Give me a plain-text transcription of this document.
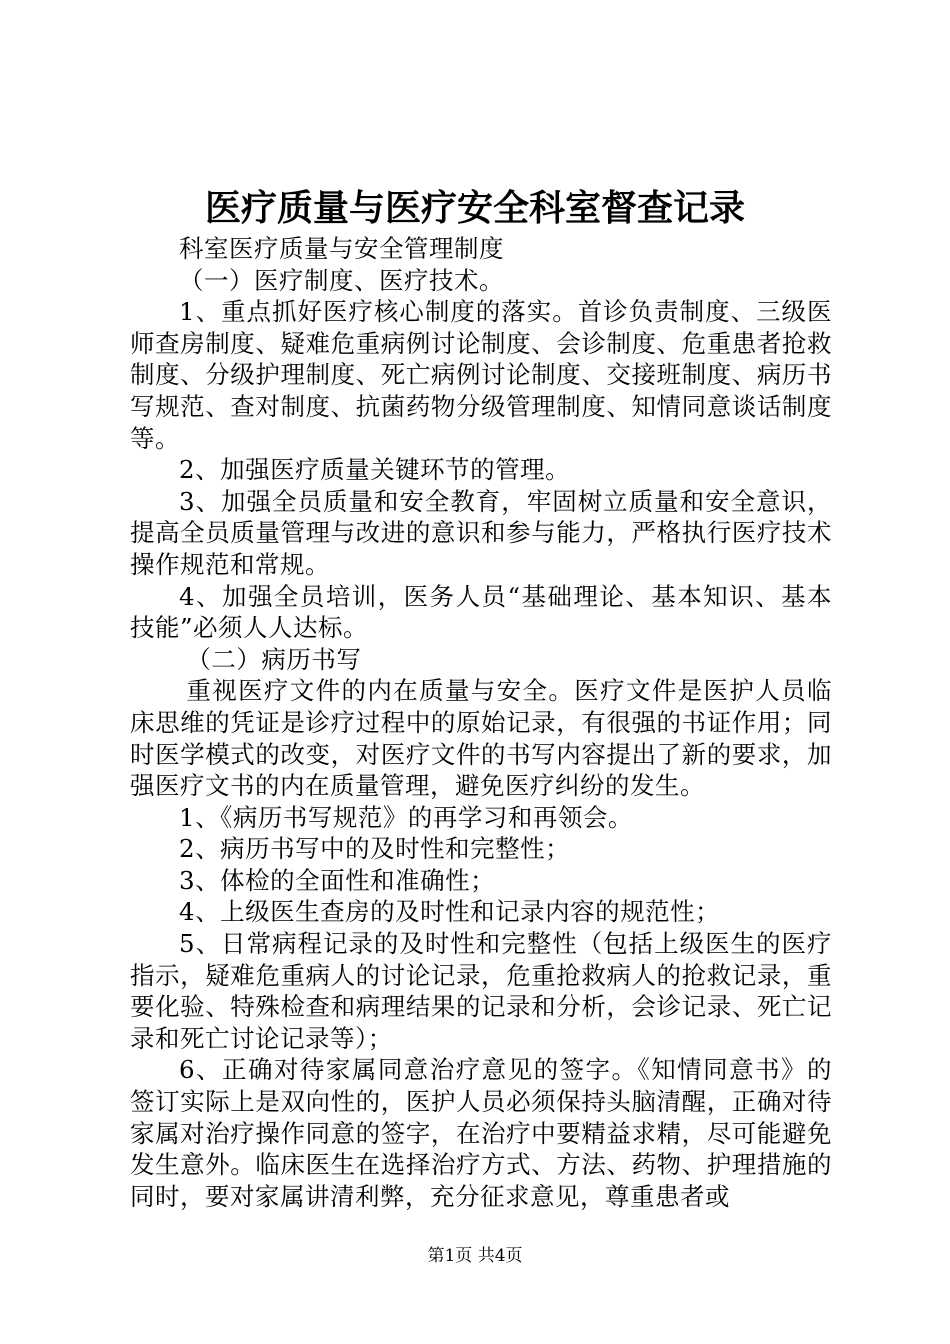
医疗质量与医疗安全科室督查记录

科室医疗质量与安全管理制度

（一）医疗制度、医疗技术。

1、重点抓好医疗核心制度的落实。首诊负责制度、三级医师查房制度、疑难危重病例讨论制度、会诊制度、危重患者抢救制度、分级护理制度、死亡病例讨论制度、交接班制度、病历书写规范、查对制度、抗菌药物分级管理制度、知情同意谈话制度等。

2、加强医疗质量关键环节的管理。

3、加强全员质量和安全教育，牢固树立质量和安全意识，提高全员质量管理与改进的意识和参与能力，严格执行医疗技术操作规范和常规。

4、加强全员培训，医务人员“基础理论、基本知识、基本技能”必须人人达标。

（二）病历书写

重视医疗文件的内在质量与安全。医疗文件是医护人员临床思维的凭证是诊疗过程中的原始记录，有很强的书证作用；同时医学模式的改变，对医疗文件的书写内容提出了新的要求，加强医疗文书的内在质量管理，避免医疗纠纷的发生。

1、《病历书写规范》的再学习和再领会。

2、病历书写中的及时性和完整性；

3、体检的全面性和准确性；

4、上级医生查房的及时性和记录内容的规范性；

5、日常病程记录的及时性和完整性（包括上级医生的医疗指示，疑难危重病人的讨论记录，危重抢救病人的抢救记录，重要化验、特殊检查和病理结果的记录和分析，会诊记录、死亡记录和死亡讨论记录等）；

6、正确对待家属同意治疗意见的签字。《知情同意书》的签订实际上是双向性的，医护人员必须保持头脑清醒，正确对待家属对治疗操作同意的签字，在治疗中要精益求精，尽可能避免发生意外。临床医生在选择治疗方式、方法、药物、护理措施的同时，要对家属讲清利弊，充分征求意见，尊重患者或

第1页 共4页
